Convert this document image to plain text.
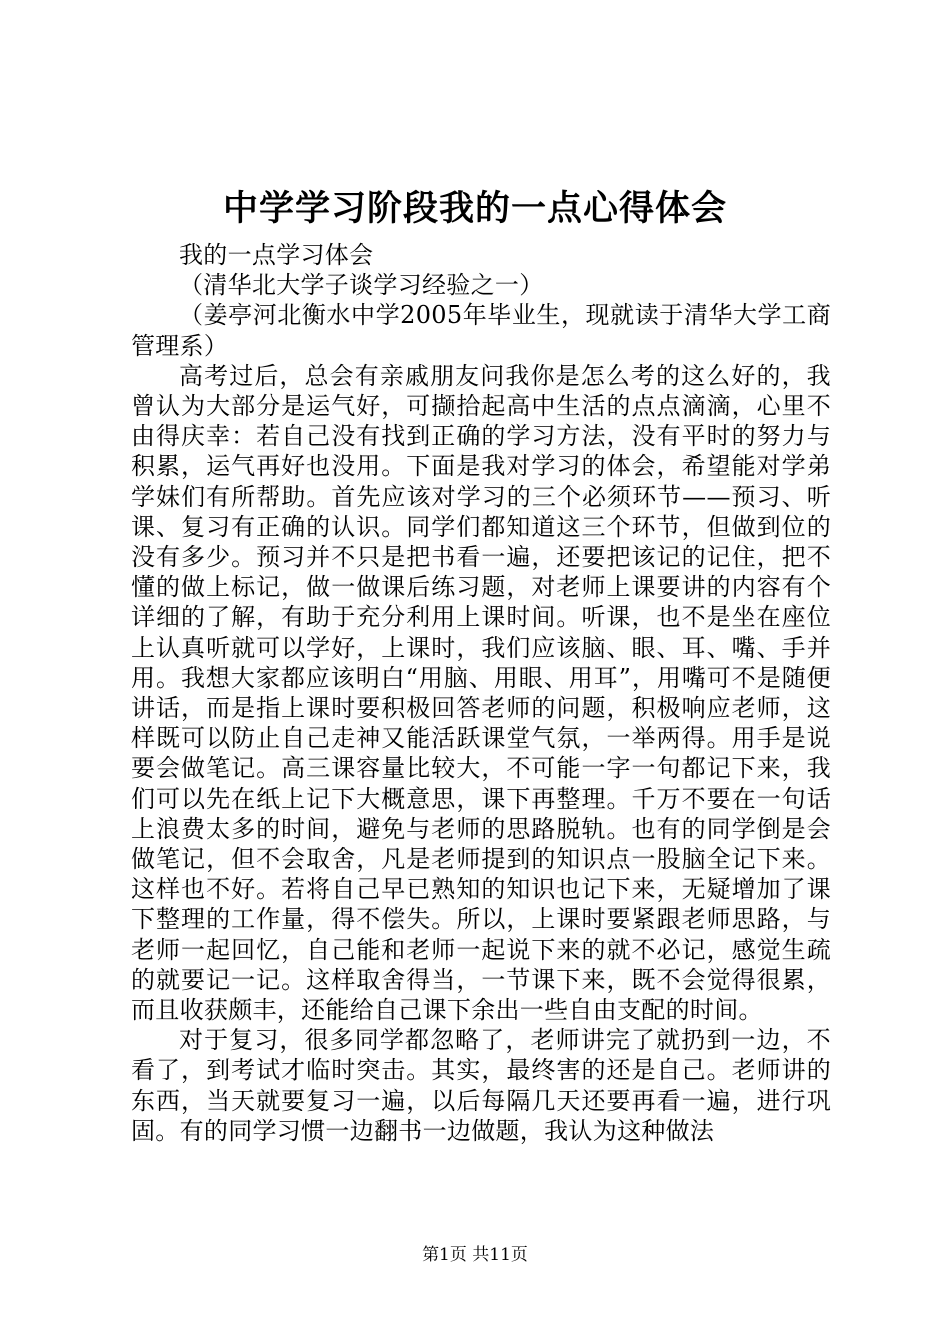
中学学习阶段我的一点心得体会

我的一点学习体会

（清华北大学子谈学习经验之一）

（姜亭河北衡水中学2005年毕业生，现就读于清华大学工商管理系）

高考过后，总会有亲戚朋友问我你是怎么考的这么好的，我曾认为大部分是运气好，可撷拾起高中生活的点点滴滴，心里不由得庆幸：若自己没有找到正确的学习方法，没有平时的努力与积累，运气再好也没用。下面是我对学习的体会，希望能对学弟学妹们有所帮助。首先应该对学习的三个必须环节——预习、听课、复习有正确的认识。同学们都知道这三个环节，但做到位的没有多少。预习并不只是把书看一遍，还要把该记的记住，把不懂的做上标记，做一做课后练习题，对老师上课要讲的内容有个详细的了解，有助于充分利用上课时间。听课，也不是坐在座位上认真听就可以学好，上课时，我们应该脑、眼、耳、嘴、手并用。我想大家都应该明白“用脑、用眼、用耳”，用嘴可不是随便讲话，而是指上课时要积极回答老师的问题，积极响应老师，这样既可以防止自己走神又能活跃课堂气氛，一举两得。用手是说要会做笔记。高三课容量比较大，不可能一字一句都记下来，我们可以先在纸上记下大概意思，课下再整理。千万不要在一句话上浪费太多的时间，避免与老师的思路脱轨。也有的同学倒是会做笔记，但不会取舍，凡是老师提到的知识点一股脑全记下来。这样也不好。若将自己早已熟知的知识也记下来，无疑增加了课下整理的工作量，得不偿失。所以，上课时要紧跟老师思路，与老师一起回忆，自己能和老师一起说下来的就不必记，感觉生疏的就要记一记。这样取舍得当，一节课下来，既不会觉得很累，而且收获颇丰，还能给自己课下余出一些自由支配的时间。

对于复习，很多同学都忽略了，老师讲完了就扔到一边，不看了，到考试才临时突击。其实，最终害的还是自己。老师讲的东西，当天就要复习一遍，以后每隔几天还要再看一遍，进行巩固。有的同学习惯一边翻书一边做题，我认为这种做法

第1页 共11页
